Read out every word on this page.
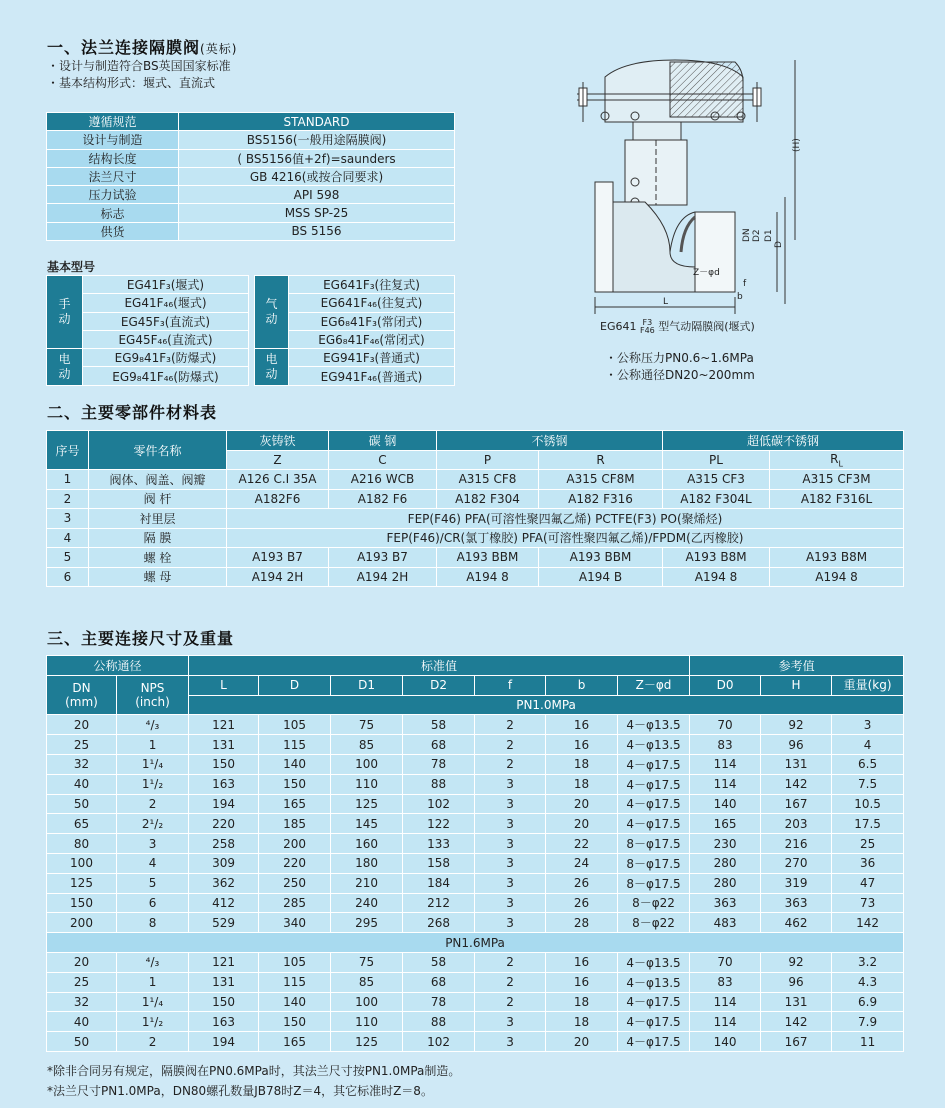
一、法兰连接隔膜阀(英标)
・设计与制造符合BS英国国家标准
・基本结构形式：堰式、直流式
遵循规范	STANDARD
设计与制造	BS5156(一般用途隔膜阀)
结构长度	( BS5156值+2f)=saunders
法兰尺寸	GB 4216(或按合同要求)
压力试验	API 598
标志	MSS SP-25
供货	BS 5156
基本型号
手动	EG41F₃(堰式)		气动	EG641F₃(往复式)
	EG41F₄₆(堰式)			EG641F₄₆(往复式)
	EG45F₃(直流式)			EG6₈41F₃(常闭式)
	EG45F₄₆(直流式)			EG6₈41F₄₆(常闭式)

电动	EG9₈41F₃(防爆式)		电动	EG941F₃(普通式)
	EG9₈41F₄₆(防爆式)			EG941F₄₆(普通式)
(H)
DN D2 D1
D
Z－φd
f
b
L
EG641 F3
F46 型气动隔膜阀(堰式)
・公称压力PN0.6~1.6MPa
・公称通径DN20~200mm
二、主要零部件材料表
序号	零件名称	灰铸铁	碳 钢	不锈钢		超低碳不锈钢	
		Z	C	P	R	PL	$R_L$
1	阀体、阀盖、阀瓣	A126 C.I 35A	A216 WCB	A315 CF8	A315 CF8M	A315 CF3	A315 CF3M
2	阀 杆	A182F6	A182 F6	A182 F304	A182 F316	A182 F304L	A182 F316L
3	衬里层	FEP(F46) PFA(可溶性聚四氟乙烯) PCTFE(F3) PO(聚烯烃)					
4	隔 膜	FEP(F46)/CR(氯丁橡胶) PFA(可溶性聚四氟乙烯)/FPDM(乙丙橡胶)					
5	螺 栓	A193 B7	A193 B7	A193 BBM	A193 BBM	A193 B8M	A193 B8M
6	螺 母	A194 2H	A194 2H	A194 8	A194 B	A194 8	A194 8
三、主要连接尺寸及重量
公称通径		标准值							参考值		
DN
(mm)	NPS
(inch)	L	D	D1	D2	f	b	Z－φd	D0	H	重量(kg)
		PN1.0MPa									
20	⁴/₃	121	105	75	58	2	16	4－φ13.5	70	92	3
25	1	131	115	85	68	2	16	4－φ13.5	83	96	4
32	1¹/₄	150	140	100	78	2	18	4－φ17.5	114	131	6.5
40	1¹/₂	163	150	110	88	3	18	4－φ17.5	114	142	7.5
50	2	194	165	125	102	3	20	4－φ17.5	140	167	10.5
65	2¹/₂	220	185	145	122	3	20	4－φ17.5	165	203	17.5
80	3	258	200	160	133	3	22	8－φ17.5	230	216	25
100	4	309	220	180	158	3	24	8－φ17.5	280	270	36
125	5	362	250	210	184	3	26	8－φ17.5	280	319	47
150	6	412	285	240	212	3	26	8－φ22	363	363	73
200	8	529	340	295	268	3	28	8－φ22	483	462	142
PN1.6MPa											
20	⁴/₃	121	105	75	58	2	16	4－φ13.5	70	92	3.2
25	1	131	115	85	68	2	16	4－φ13.5	83	96	4.3
32	1¹/₄	150	140	100	78	2	18	4－φ17.5	114	131	6.9
40	1¹/₂	163	150	110	88	3	18	4－φ17.5	114	142	7.9
50	2	194	165	125	102	3	20	4－φ17.5	140	167	11
*除非合同另有规定，隔膜阀在PN0.6MPa时，其法兰尺寸按PN1.0MPa制造。
*法兰尺寸PN1.0MPa，DN80螺孔数量JB78时Z＝4，其它标准时Z＝8。
